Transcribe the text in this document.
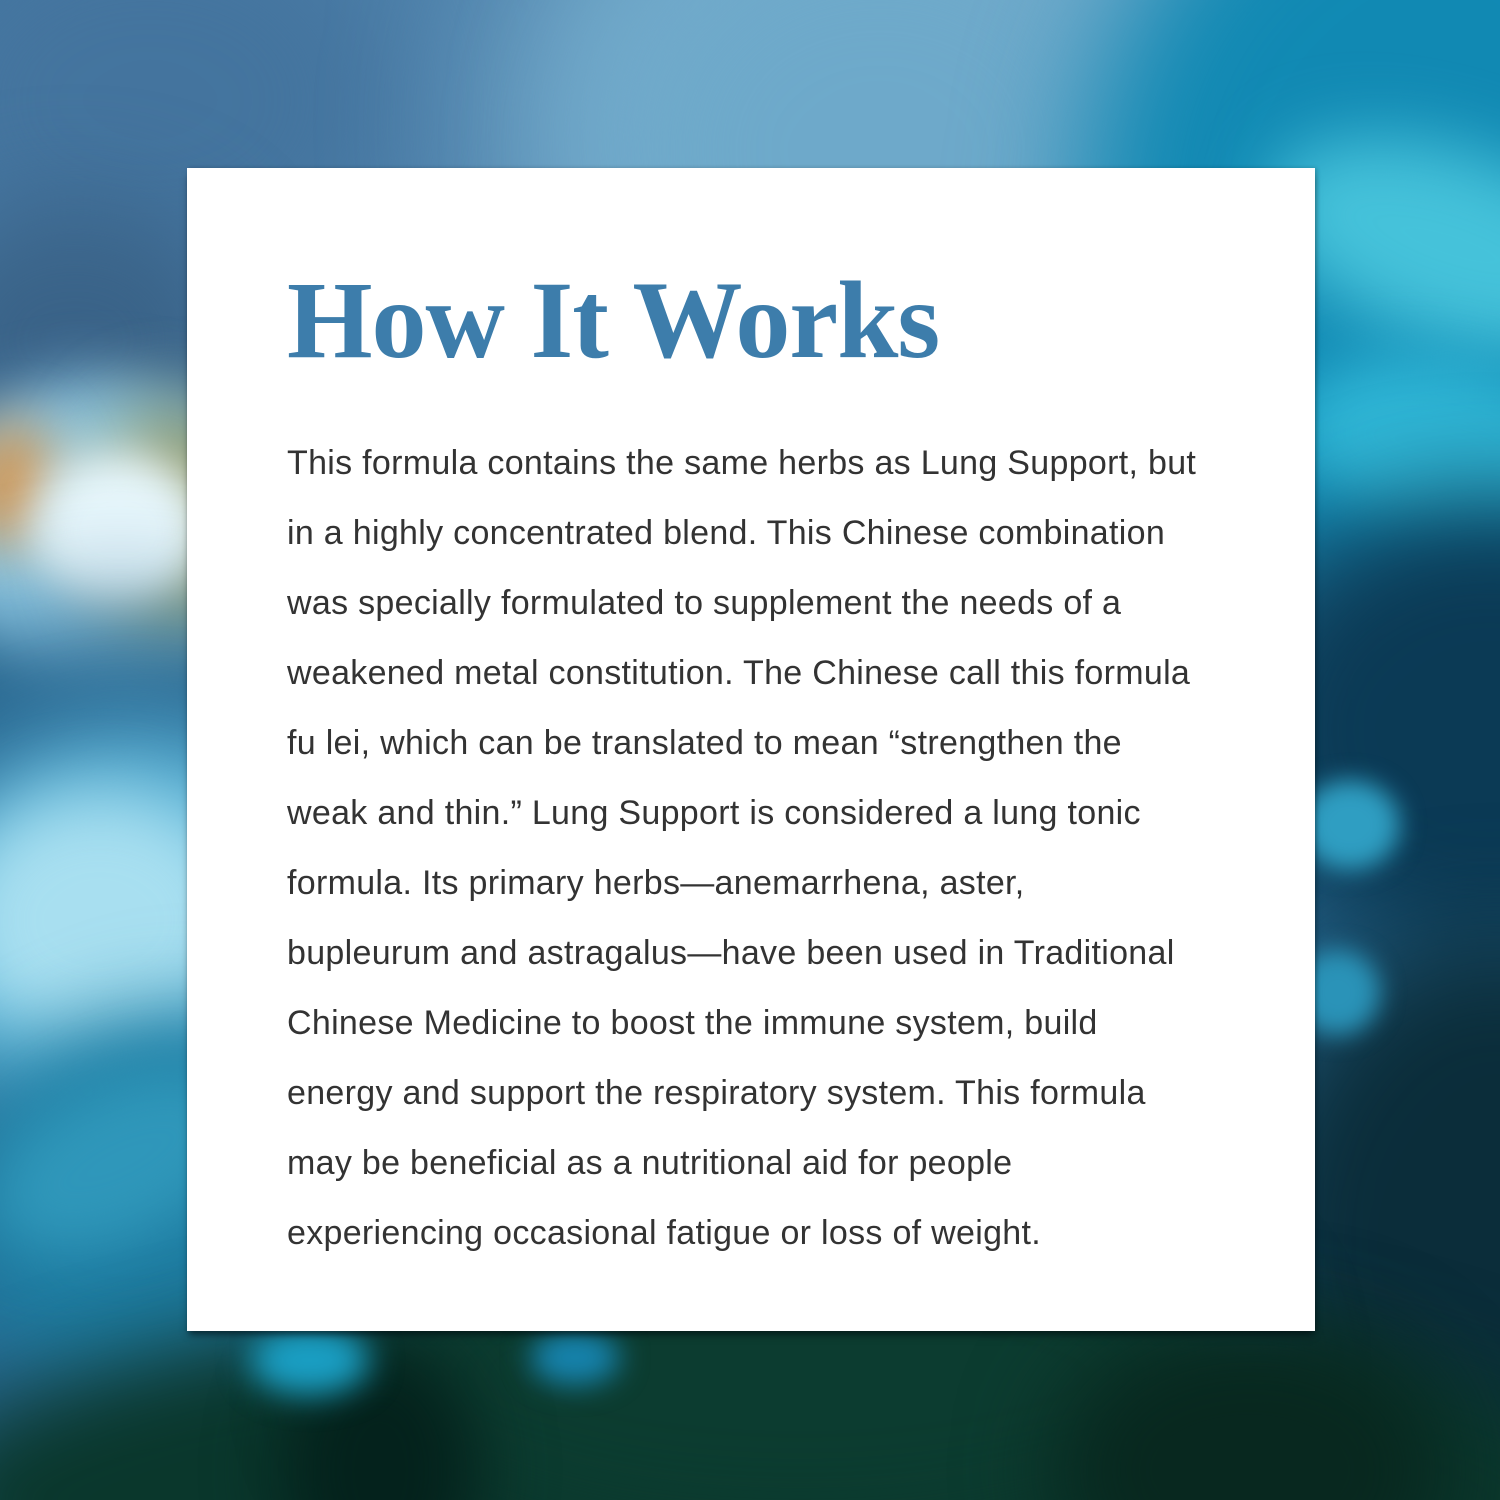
How It Works
This formula contains the same herbs as Lung Support, but
in a highly concentrated blend. This Chinese combination
was specially formulated to supplement the needs of a
weakened metal constitution. The Chinese call this formula
fu lei, which can be translated to mean “strengthen the
weak and thin.” Lung Support is considered a lung tonic
formula. Its primary herbs—anemarrhena, aster,
bupleurum and astragalus—have been used in Traditional
Chinese Medicine to boost the immune system, build
energy and support the respiratory system. This formula
may be beneficial as a nutritional aid for people
experiencing occasional fatigue or loss of weight.
